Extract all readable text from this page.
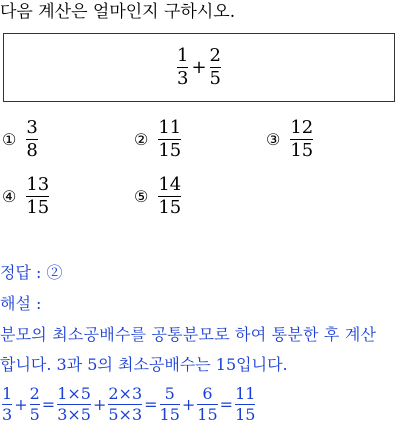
다음 계산은 얼마인지 구하시오.
$\frac{1}{3} + \frac{2}{5}$
① $\frac{3}{8}$	② $\frac{11}{15}$	③ $\frac{12}{15}$
④ $\frac{13}{15}$	⑤ $\frac{14}{15}$
정답 : ②
해설 :
분모의 최소공배수를 공통분모로 하여 통분한 후 계산
합니다. 3과 5의 최소공배수는 15입니다.
$\frac{1}{3} + \frac{2}{5} = \frac{1\times 5}{3\times 5} + \frac{2\times 3}{5\times 3} = \frac{5}{15} + \frac{6}{15} = \frac{11}{15}$
